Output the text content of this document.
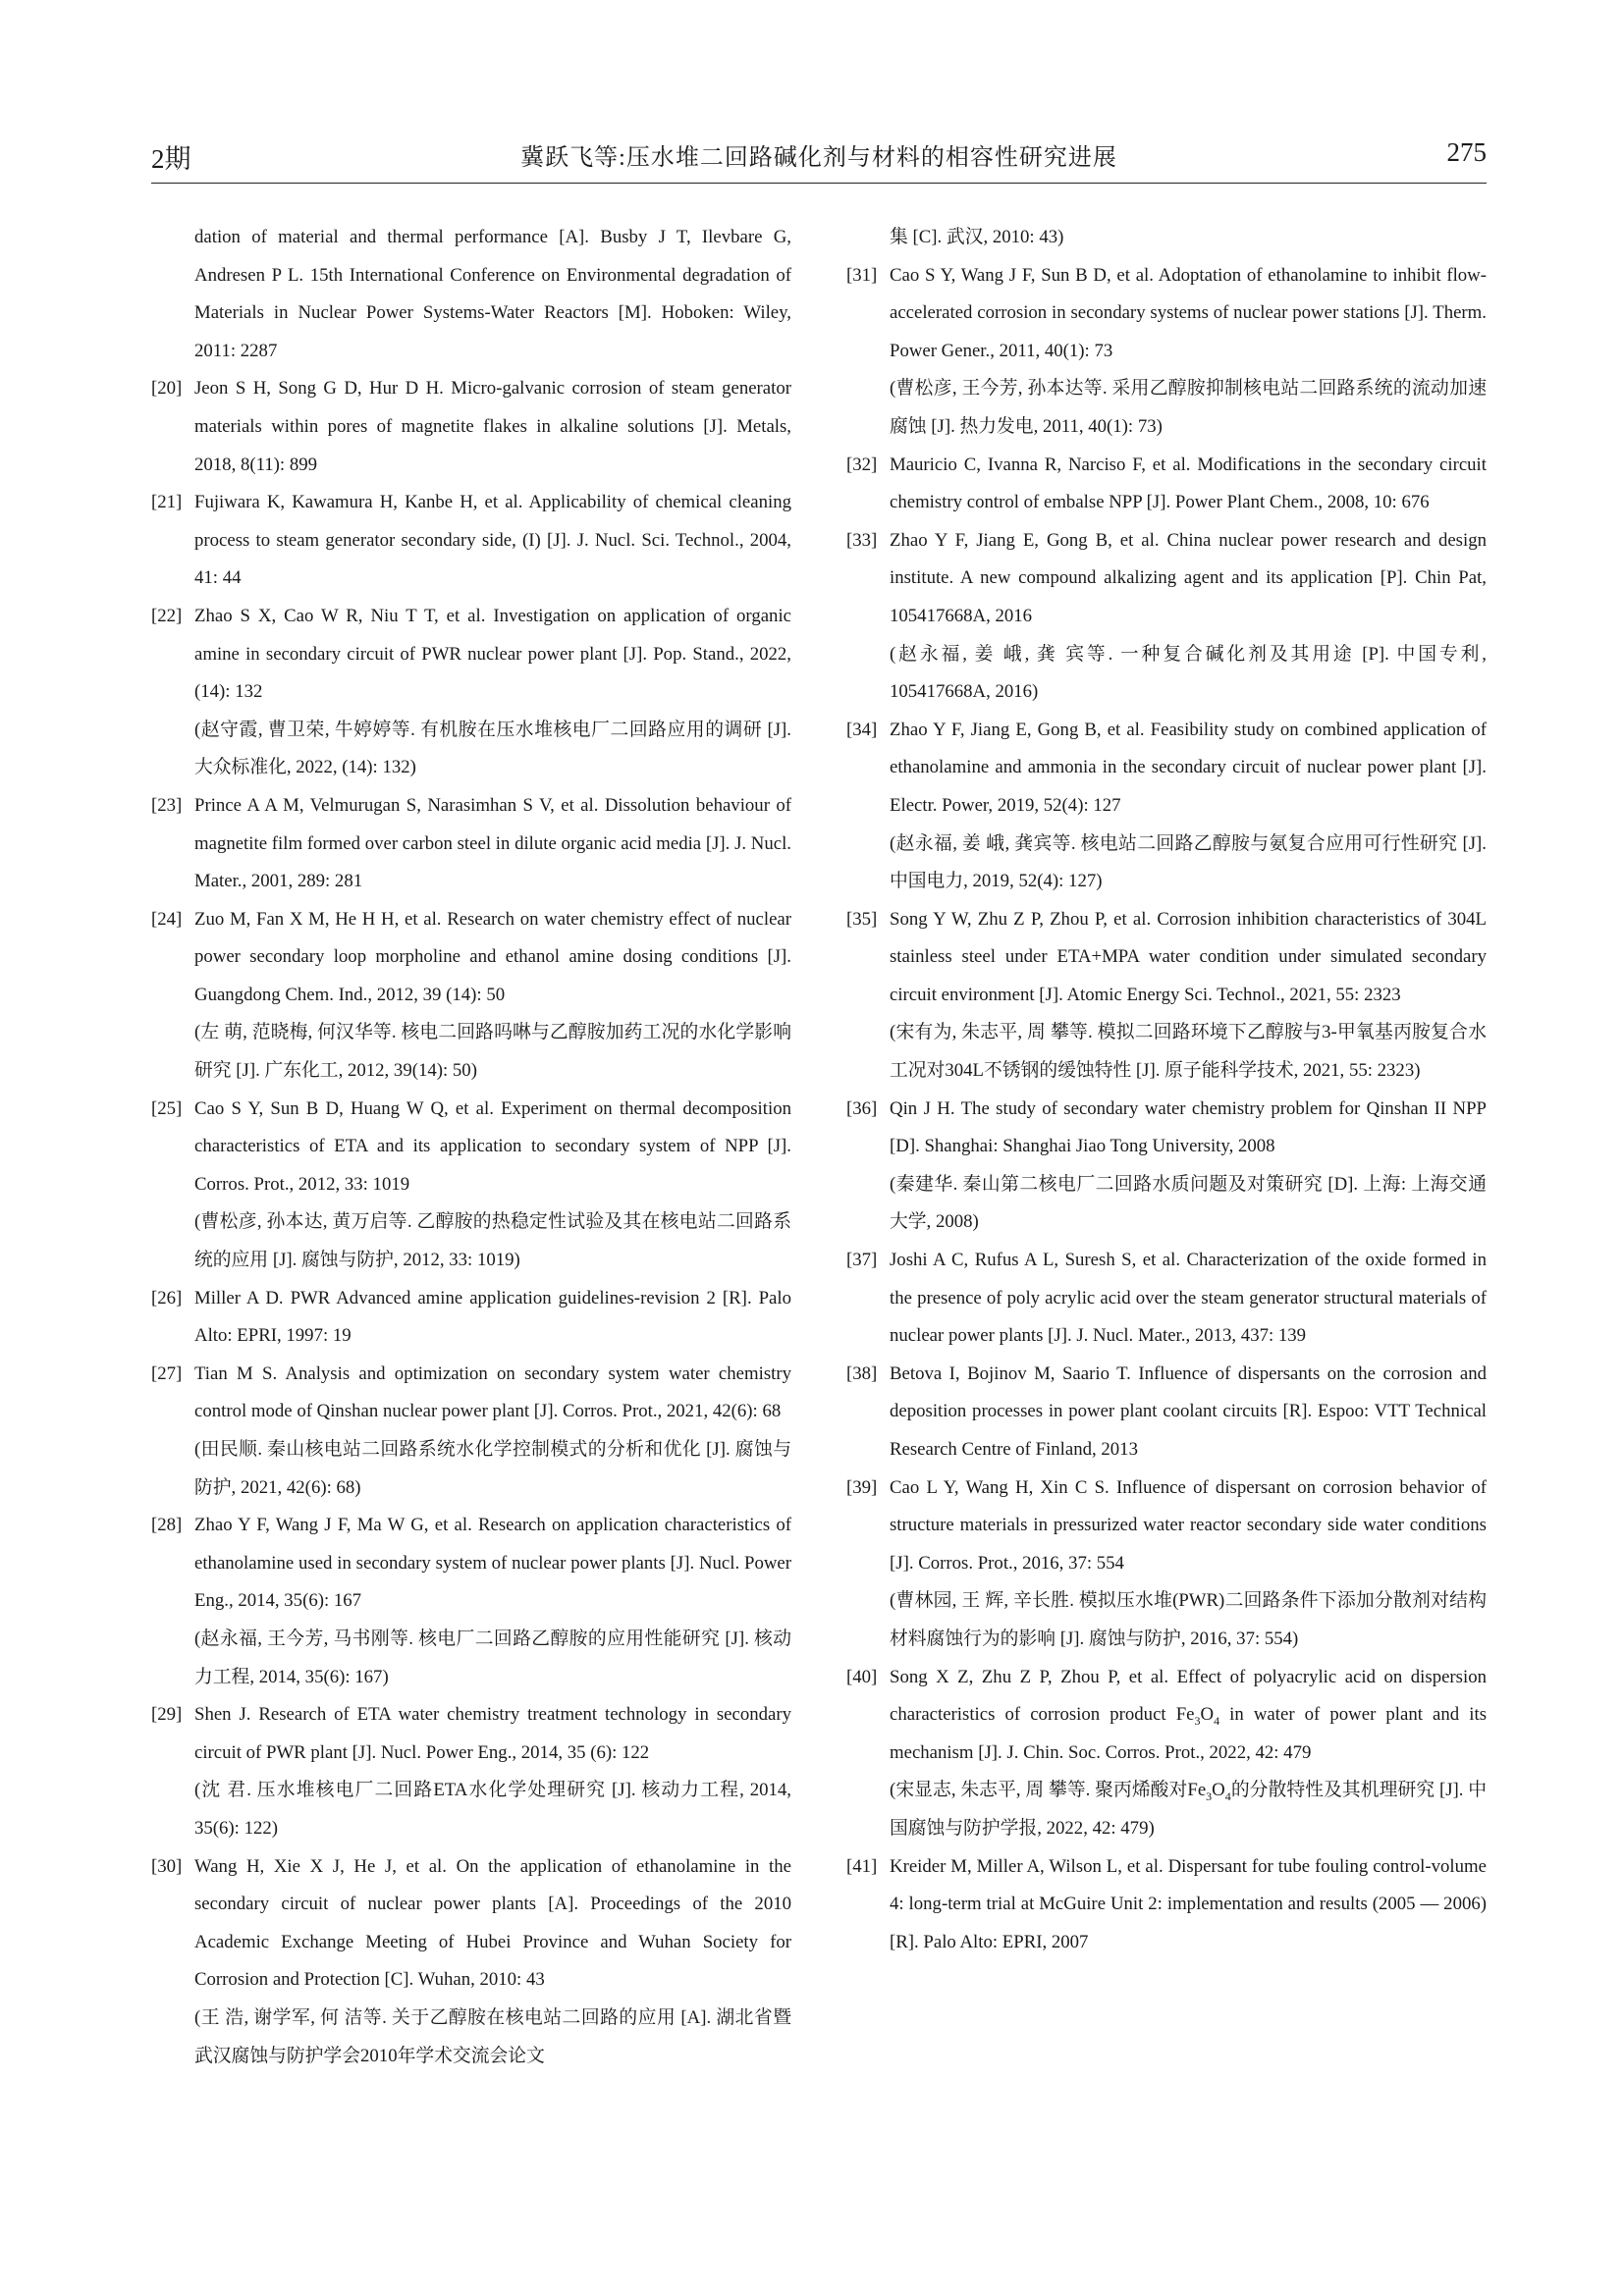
2期	冀跃飞等:压水堆二回路碱化剂与材料的相容性研究进展	275
dation of material and thermal performance [A]. Busby J T, Ilevbare G, Andresen P L. 15th International Conference on Environmental degradation of Materials in Nuclear Power Systems-Water Reactors [M]. Hoboken: Wiley, 2011: 2287
[20] Jeon S H, Song G D, Hur D H. Micro-galvanic corrosion of steam generator materials within pores of magnetite flakes in alkaline solutions [J]. Metals, 2018, 8(11): 899
[21] Fujiwara K, Kawamura H, Kanbe H, et al. Applicability of chemical cleaning process to steam generator secondary side, (I) [J]. J. Nucl. Sci. Technol., 2004, 41: 44
[22] Zhao S X, Cao W R, Niu T T, et al. Investigation on application of organic amine in secondary circuit of PWR nuclear power plant [J]. Pop. Stand., 2022, (14): 132
(赵守霞, 曹卫荣, 牛婷婷等. 有机胺在压水堆核电厂二回路应用的调研 [J]. 大众标准化, 2022, (14): 132)
[23] Prince A A M, Velmurugan S, Narasimhan S V, et al. Dissolution behaviour of magnetite film formed over carbon steel in dilute organic acid media [J]. J. Nucl. Mater., 2001, 289: 281
[24] Zuo M, Fan X M, He H H, et al. Research on water chemistry effect of nuclear power secondary loop morpholine and ethanol amine dosing conditions [J]. Guangdong Chem. Ind., 2012, 39 (14): 50
(左 萌, 范晓梅, 何汉华等. 核电二回路吗啉与乙醇胺加药工况的水化学影响研究 [J]. 广东化工, 2012, 39(14): 50)
[25] Cao S Y, Sun B D, Huang W Q, et al. Experiment on thermal decomposition characteristics of ETA and its application to secondary system of NPP [J]. Corros. Prot., 2012, 33: 1019
(曹松彦, 孙本达, 黄万启等. 乙醇胺的热稳定性试验及其在核电站二回路系统的应用 [J]. 腐蚀与防护, 2012, 33: 1019)
[26] Miller A D. PWR Advanced amine application guidelines-revision 2 [R]. Palo Alto: EPRI, 1997: 19
[27] Tian M S. Analysis and optimization on secondary system water chemistry control mode of Qinshan nuclear power plant [J]. Corros. Prot., 2021, 42(6): 68
(田民顺. 秦山核电站二回路系统水化学控制模式的分析和优化 [J]. 腐蚀与防护, 2021, 42(6): 68)
[28] Zhao Y F, Wang J F, Ma W G, et al. Research on application characteristics of ethanolamine used in secondary system of nuclear power plants [J]. Nucl. Power Eng., 2014, 35(6): 167
(赵永福, 王今芳, 马书刚等. 核电厂二回路乙醇胺的应用性能研究 [J]. 核动力工程, 2014, 35(6): 167)
[29] Shen J. Research of ETA water chemistry treatment technology in secondary circuit of PWR plant [J]. Nucl. Power Eng., 2014, 35 (6): 122
(沈 君. 压水堆核电厂二回路ETA水化学处理研究 [J]. 核动力工程, 2014, 35(6): 122)
[30] Wang H, Xie X J, He J, et al. On the application of ethanolamine in the secondary circuit of nuclear power plants [A]. Proceedings of the 2010 Academic Exchange Meeting of Hubei Province and Wuhan Society for Corrosion and Protection [C]. Wuhan, 2010: 43
(王 浩, 谢学军, 何 洁等. 关于乙醇胺在核电站二回路的应用 [A]. 湖北省暨武汉腐蚀与防护学会2010年学术交流会论文
集 [C]. 武汉, 2010: 43)
[31] Cao S Y, Wang J F, Sun B D, et al. Adoptation of ethanolamine to inhibit flow-accelerated corrosion in secondary systems of nuclear power stations [J]. Therm. Power Gener., 2011, 40(1): 73
(曹松彦, 王今芳, 孙本达等. 采用乙醇胺抑制核电站二回路系统的流动加速腐蚀 [J]. 热力发电, 2011, 40(1): 73)
[32] Mauricio C, Ivanna R, Narciso F, et al. Modifications in the secondary circuit chemistry control of embalse NPP [J]. Power Plant Chem., 2008, 10: 676
[33] Zhao Y F, Jiang E, Gong B, et al. China nuclear power research and design institute. A new compound alkalizing agent and its application [P]. Chin Pat, 105417668A, 2016
(赵永福, 姜 峨, 龚 宾等. 一种复合碱化剂及其用途 [P]. 中国专利, 105417668A, 2016)
[34] Zhao Y F, Jiang E, Gong B, et al. Feasibility study on combined application of ethanolamine and ammonia in the secondary circuit of nuclear power plant [J]. Electr. Power, 2019, 52(4): 127
(赵永福, 姜 峨, 龚宾等. 核电站二回路乙醇胺与氨复合应用可行性研究 [J]. 中国电力, 2019, 52(4): 127)
[35] Song Y W, Zhu Z P, Zhou P, et al. Corrosion inhibition characteristics of 304L stainless steel under ETA+MPA water condition under simulated secondary circuit environment [J]. Atomic Energy Sci. Technol., 2021, 55: 2323
(宋有为, 朱志平, 周 攀等. 模拟二回路环境下乙醇胺与3-甲氧基丙胺复合水工况对304L不锈钢的缓蚀特性 [J]. 原子能科学技术, 2021, 55: 2323)
[36] Qin J H. The study of secondary water chemistry problem for Qinshan II NPP [D]. Shanghai: Shanghai Jiao Tong University, 2008
(秦建华. 秦山第二核电厂二回路水质问题及对策研究 [D]. 上海: 上海交通大学, 2008)
[37] Joshi A C, Rufus A L, Suresh S, et al. Characterization of the oxide formed in the presence of poly acrylic acid over the steam generator structural materials of nuclear power plants [J]. J. Nucl. Mater., 2013, 437: 139
[38] Betova I, Bojinov M, Saario T. Influence of dispersants on the corrosion and deposition processes in power plant coolant circuits [R]. Espoo: VTT Technical Research Centre of Finland, 2013
[39] Cao L Y, Wang H, Xin C S. Influence of dispersant on corrosion behavior of structure materials in pressurized water reactor secondary side water conditions [J]. Corros. Prot., 2016, 37: 554
(曹林园, 王 辉, 辛长胜. 模拟压水堆(PWR)二回路条件下添加分散剂对结构材料腐蚀行为的影响 [J]. 腐蚀与防护, 2016, 37: 554)
[40] Song X Z, Zhu Z P, Zhou P, et al. Effect of polyacrylic acid on dispersion characteristics of corrosion product $Fe_3O_4$ in water of power plant and its mechanism [J]. J. Chin. Soc. Corros. Prot., 2022, 42: 479
(宋显志, 朱志平, 周 攀等. 聚丙烯酸对$Fe_3O_4$的分散特性及其机理研究 [J]. 中国腐蚀与防护学报, 2022, 42: 479)
[41] Kreider M, Miller A, Wilson L, et al. Dispersant for tube fouling control-volume 4: long-term trial at McGuire Unit 2: implementation and results (2005 — 2006) [R]. Palo Alto: EPRI, 2007
